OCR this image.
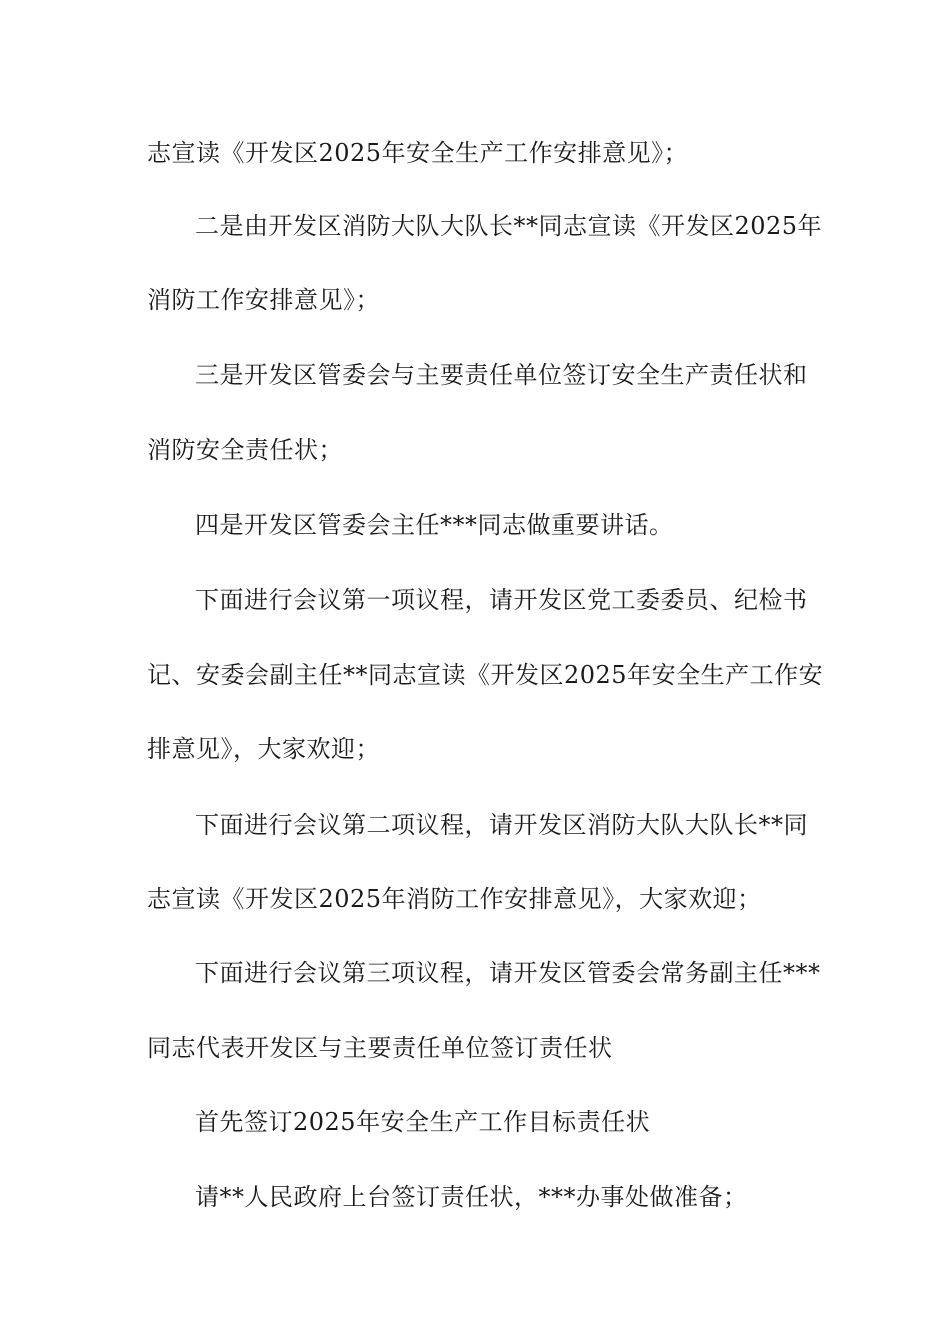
志宣读《开发区2025年安全生产工作安排意见》；
二是由开发区消防大队大队长**同志宣读《开发区2025年
消防工作安排意见》；
三是开发区管委会与主要责任单位签订安全生产责任状和
消防安全责任状；
四是开发区管委会主任***同志做重要讲话。
下面进行会议第一项议程，请开发区党工委委员、纪检书
记、安委会副主任**同志宣读《开发区2025年安全生产工作安
排意见》，大家欢迎；
下面进行会议第二项议程，请开发区消防大队大队长**同
志宣读《开发区2025年消防工作安排意见》，大家欢迎；
下面进行会议第三项议程，请开发区管委会常务副主任***
同志代表开发区与主要责任单位签订责任状
首先签订2025年安全生产工作目标责任状
请**人民政府上台签订责任状，***办事处做准备；
